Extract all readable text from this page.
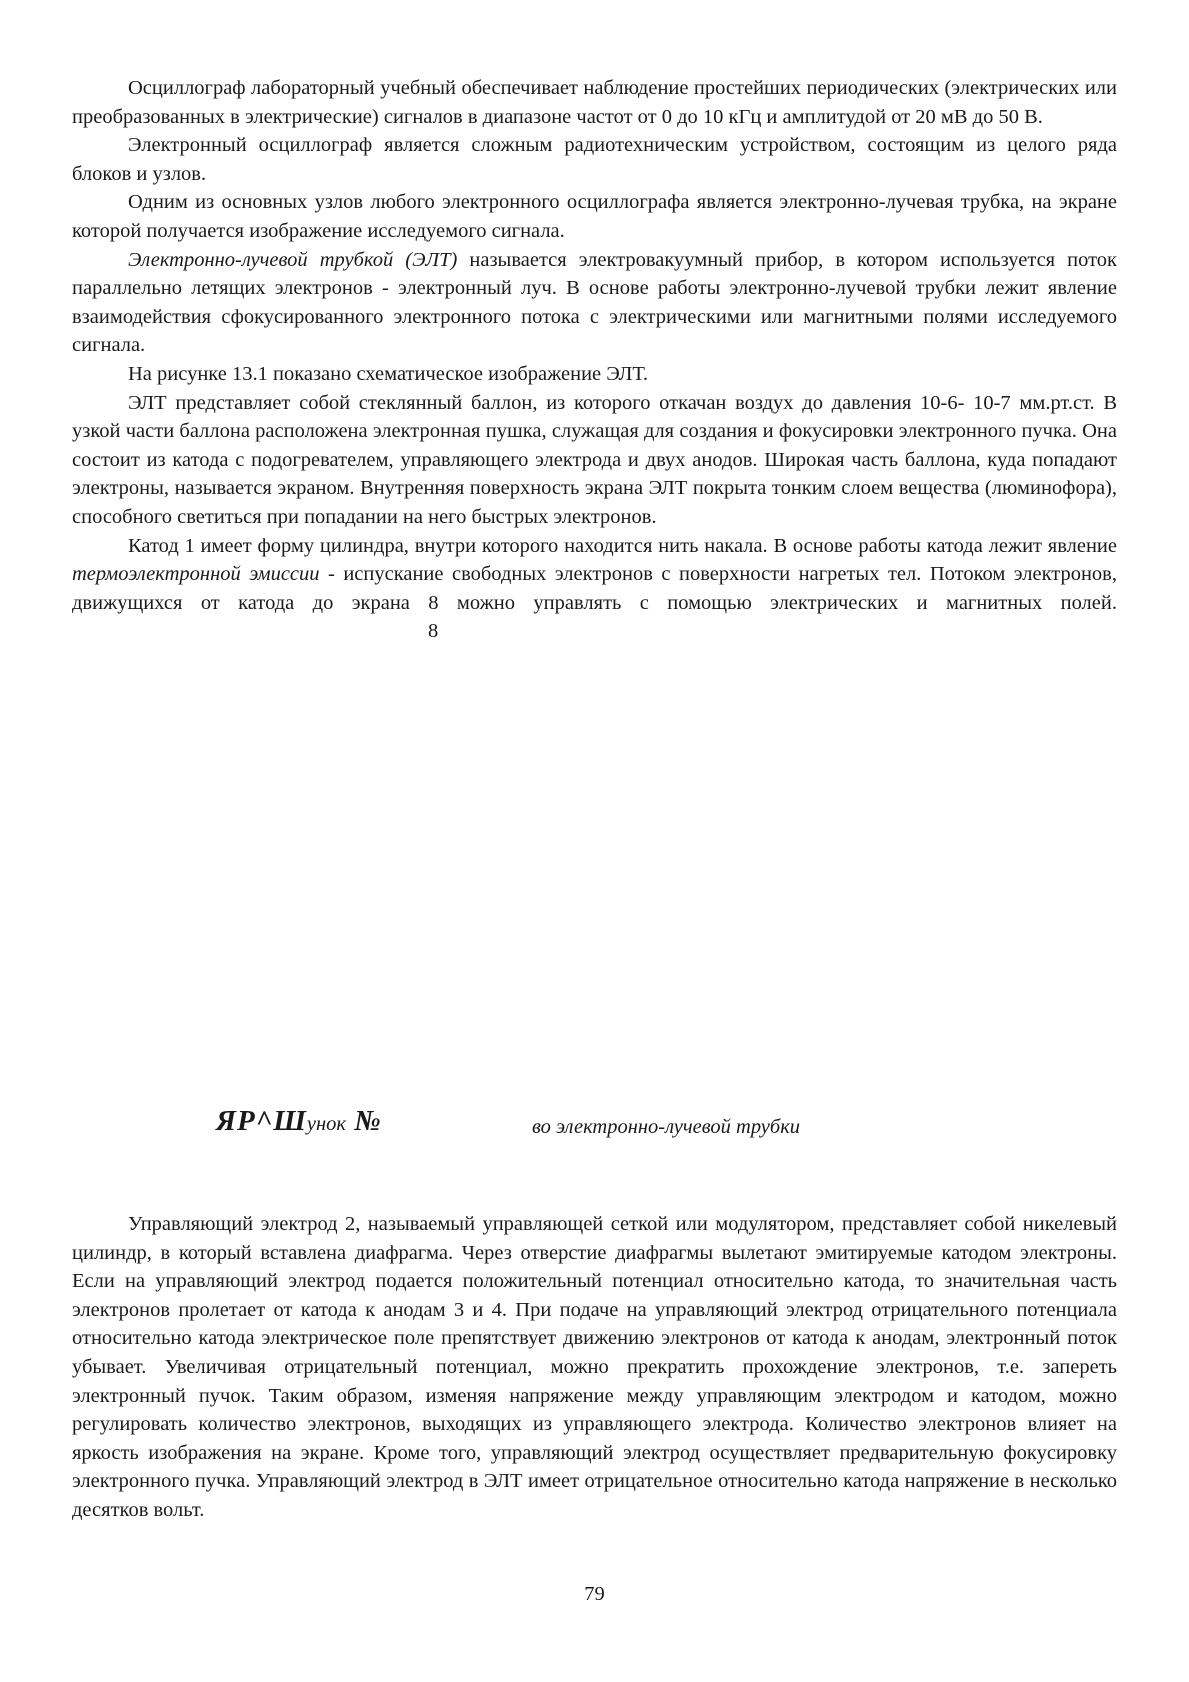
Осциллограф лабораторный учебный обеспечивает наблюдение простейших периодических (электрических или преобразованных в электрические) сигналов в диапазоне частот от 0 до 10 кГц и амплитудой от 20 мВ до 50 В.

Электронный осциллограф является сложным радиотехническим устройством, состоящим из целого ряда блоков и узлов.

Одним из основных узлов любого электронного осциллографа является электронно-лучевая трубка, на экране которой получается изображение исследуемого сигнала.

Электронно-лучевой трубкой (ЭЛТ) называется электровакуумный прибор, в котором используется поток параллельно летящих электронов - электронный луч. В основе работы электронно-лучевой трубки лежит явление взаимодействия сфокусированного электронного потока с электрическими или магнитными полями исследуемого сигнала.

На рисунке 13.1 показано схематическое изображение ЭЛТ.

ЭЛТ представляет собой стеклянный баллон, из которого откачан воздух до давления 10-6- 10-7 мм.рт.ст. В узкой части баллона расположена электронная пушка, служащая для создания и фокусировки электронного пучка. Она состоит из катода с подогревателем, управляющего электрода и двух анодов. Широкая часть баллона, куда попадают электроны, называется экраном. Внутренняя поверхность экрана ЭЛТ покрыта тонким слоем вещества (люминофора), способного светиться при попадании на него быстрых электронов.

Катод 1 имеет форму цилиндра, внутри которого находится нить накала. В основе работы катода лежит явление термоэлектронной эмиссии - испускание свободных электронов с поверхности нагретых тел. Потоком электронов, движущихся от катода до экрана 8 можно управлять с помощью электрических и магнитных полей.8

ЯР^Шунок №	во электронно-лучевой трубки

Управляющий электрод 2, называемый управляющей сеткой или модулятором, представляет собой никелевый цилиндр, в который вставлена диафрагма. Через отверстие диафрагмы вылетают эмитируемые катодом электроны. Если на управляющий электрод подается положительный потенциал относительно катода, то значительная часть электронов пролетает от катода к анодам 3 и 4. При подаче на управляющий электрод отрицательного потенциала относительно катода электрическое поле препятствует движению электронов от катода к анодам, электронный поток убывает. Увеличивая отрицательный потенциал, можно прекратить прохождение электронов, т.е. запереть электронный пучок. Таким образом, изменяя напряжение между управляющим электродом и катодом, можно регулировать количество электронов, выходящих из управляющего электрода. Количество электронов влияет на яркость изображения на экране. Кроме того, управляющий электрод осуществляет предварительную фокусировку электронного пучка. Управляющий электрод в ЭЛТ имеет отрицательное относительно катода напряжение в несколько десятков вольт.

79
